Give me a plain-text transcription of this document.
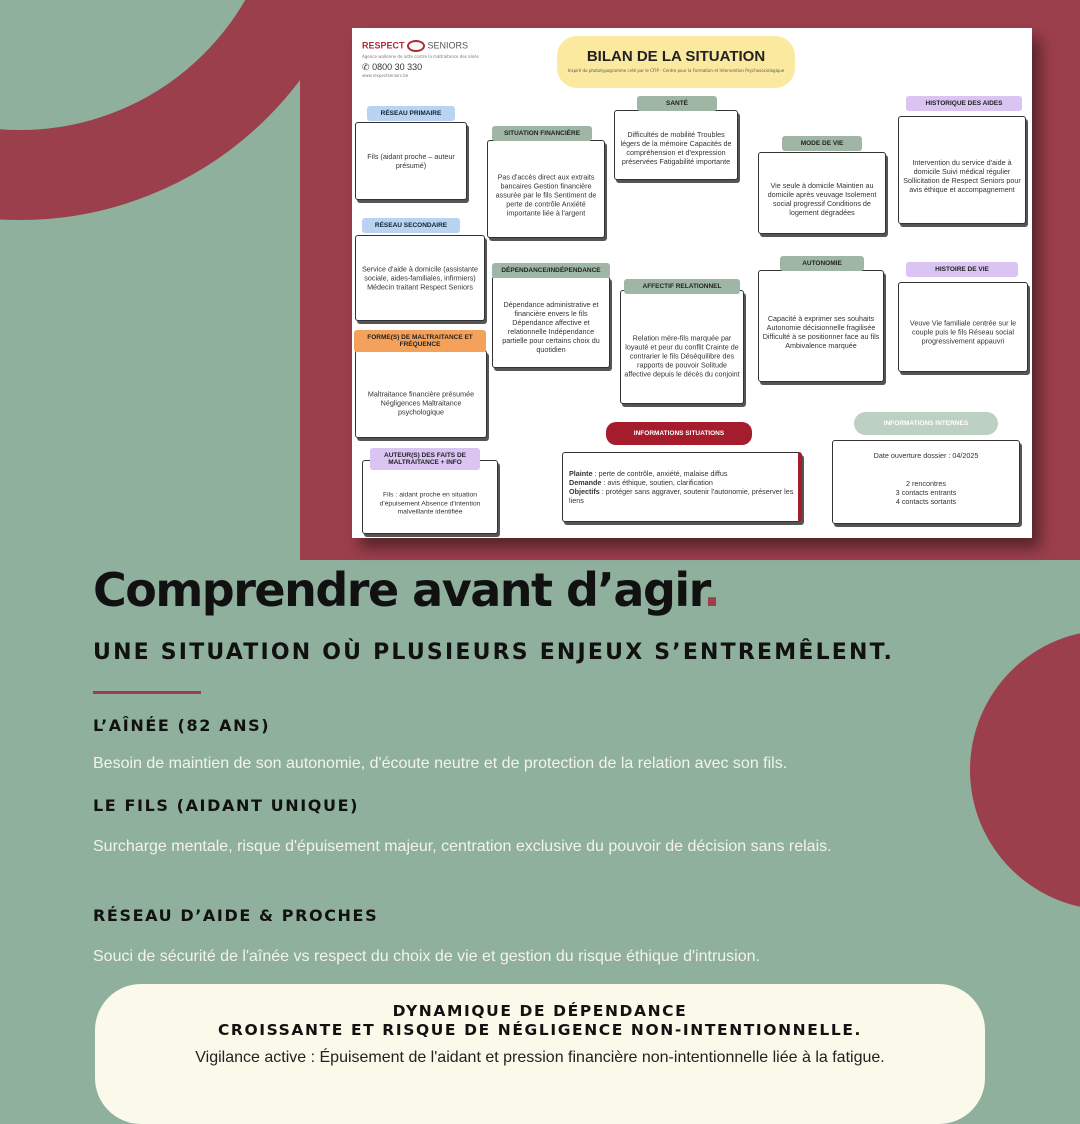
RESPECT	SENIORS
Agence wallonne de lutte contre la maltraitance des aînés
✆ 0800 30 330
www.respectseniors.be
BILAN DE LA SITUATION
Inspiré du phototypogramme créé par le CFIP - Centre pour la Formation et Intervention Psychosociologique
Fils (aidant proche – auteur présumé)
RÉSEAU PRIMAIRE
Service d'aide à domicile (assistante sociale, aides-familiales, infirmiers) Médecin traitant Respect Seniors
RÉSEAU SECONDAIRE
Maltraitance financière présumée Négligences Maltraitance psychologique
FORME(S) DE MALTRAITANCE ET FRÉQUENCE
Fils : aidant proche en situation d'épuisement Absence d'intention malveillante identifiée
AUTEUR(S) DES FAITS DE MALTRAITANCE + INFO
Pas d'accès direct aux extraits bancaires Gestion financière assurée par le fils Sentiment de perte de contrôle Anxiété importante liée à l'argent
SITUATION FINANCIÈRE
Dépendance administrative et financière envers le fils Dépendance affective et relationnelle Indépendance partielle pour certains choix du quotidien
DÉPENDANCE/INDÉPENDANCE
Difficultés de mobilité Troubles légers de la mémoire Capacités de compréhension et d'expression préservées Fatigabilité importante
SANTÉ
Relation mère-fils marquée par loyauté et peur du conflit Crainte de contrarier le fils Déséquilibre des rapports de pouvoir Solitude affective depuis le décès du conjoint
AFFECTIF RELATIONNEL
Vie seule à domicile Maintien au domicile après veuvage Isolement social progressif Conditions de logement dégradées
MODE DE VIE
Capacité à exprimer ses souhaits Autonomie décisionnelle fragilisée Difficulté à se positionner face au fils Ambivalence marquée
AUTONOMIE
Intervention du service d'aide à domicile Suivi médical régulier Sollicitation de Respect Seniors pour avis éthique et accompagnement
HISTORIQUE DES AIDES
Veuve Vie familiale centrée sur le couple puis le fils Réseau social progressivement appauvri
HISTOIRE DE VIE
Plainte : perte de contrôle, anxiété, malaise diffus
Demande : avis éthique, soutien, clarification
Objectifs : protéger sans aggraver, soutenir l'autonomie, préserver les liens
INFORMATIONS SITUATIONS
Date ouverture dossier : 04/2025
2 rencontres
3 contacts entrants
4 contacts sortants
INFORMATIONS INTERNES
Comprendre avant d’agir.
UNE SITUATION OÙ PLUSIEURS ENJEUX S’ENTREMÊLENT.
L’AÎNÉE (82 ANS)
Besoin de maintien de son autonomie, d'écoute neutre et de protection de la relation avec son fils.
LE FILS (AIDANT UNIQUE)
Surcharge mentale, risque d'épuisement majeur, centration exclusive du pouvoir de décision sans relais.
RÉSEAU D’AIDE & PROCHES
Souci de sécurité de l'aînée vs respect du choix de vie et gestion du risque éthique d'intrusion.
DYNAMIQUE DE DÉPENDANCE
CROISSANTE ET RISQUE DE NÉGLIGENCE NON-INTENTIONNELLE.
Vigilance active : Épuisement de l'aidant et pression financière non-intentionnelle liée à la fatigue.
